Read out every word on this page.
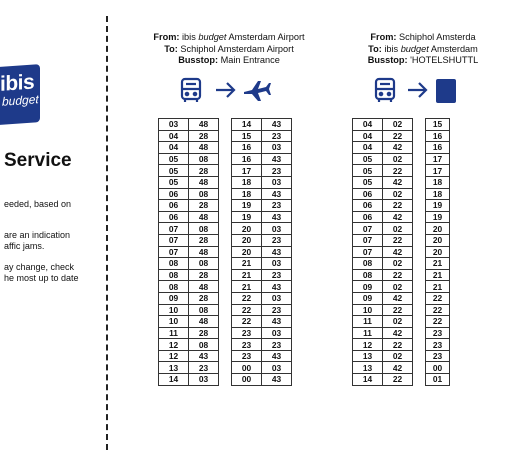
ibis
budget
Service
eeded, based on
are an indication
affic jams.
ay change, check
he most up to date
From: ibis budget Amsterdam Airport
To: Schiphol Amsterdam Airport
Busstop: Main Entrance
03	48
04	28
04	48
05	08
05	28
05	48
06	08
06	28
06	48
07	08
07	28
07	48
08	08
08	28
08	48
09	28
10	08
10	48
11	28
12	08
12	43
13	23
14	03
14	43
15	23
16	03
16	43
17	23
18	03
18	43
19	23
19	43
20	03
20	23
20	43
21	03
21	23
21	43
22	03
22	23
22	43
23	03
23	23
23	43
00	03
00	43
From: Schiphol Amsterda
To: ibis budget Amsterdam
Busstop: 'HOTELSHUTTL
04	02
04	22
04	42
05	02
05	22
05	42
06	02
06	22
06	42
07	02
07	22
07	42
08	02
08	22
09	02
09	42
10	22
11	02
11	42
12	22
13	02
13	42
14	22
15
16
16
17
17
18
18
19
19
20
20
20
21
21
21
22
22
22
23
23
23
00
01
